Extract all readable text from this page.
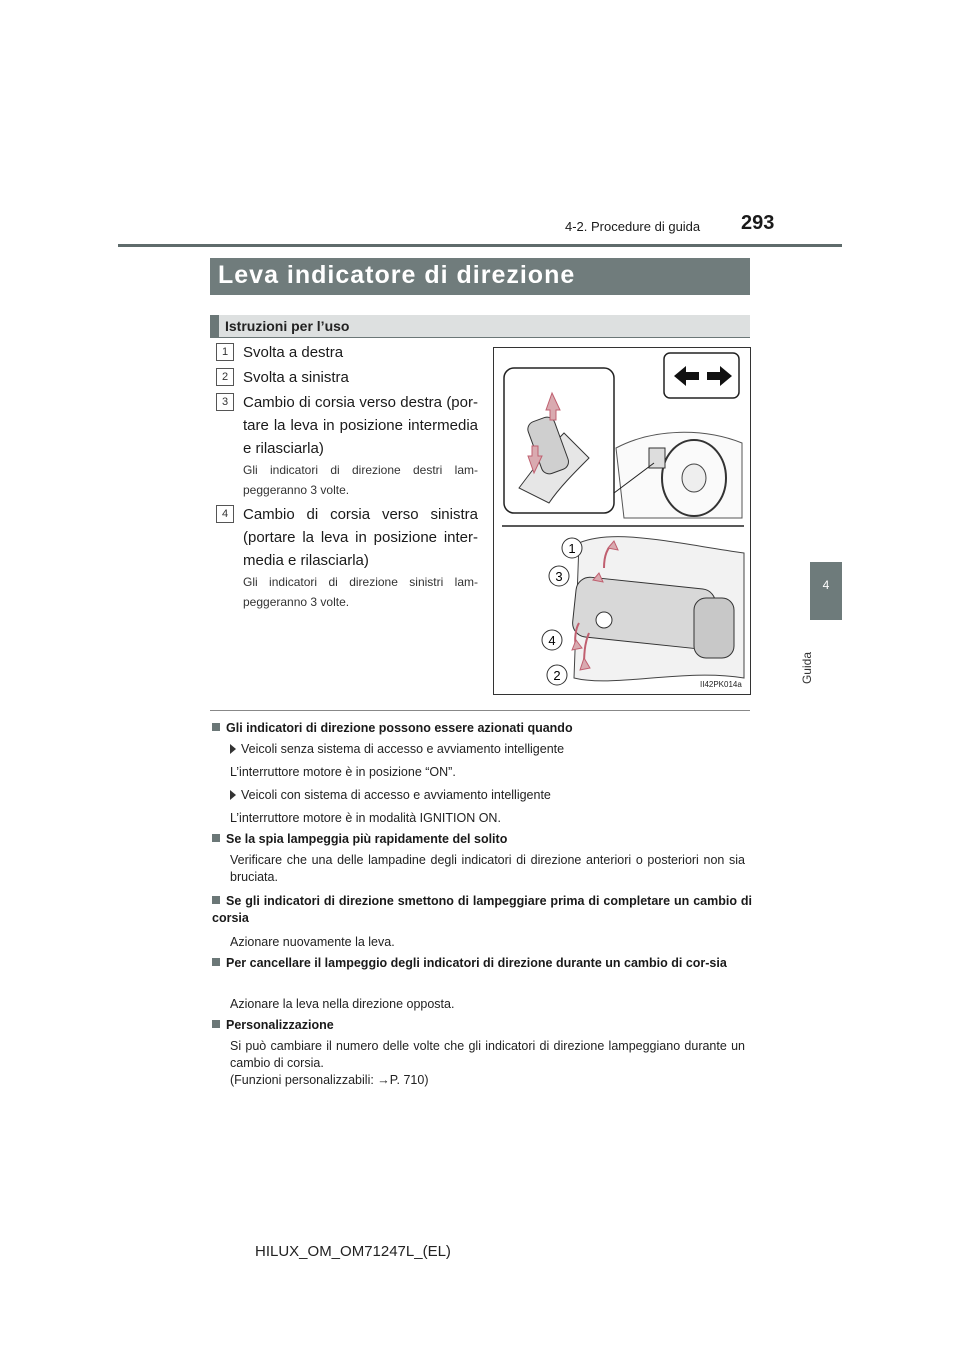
4-2. Procedure di guida 293
4
Guida
Leva indicatore di direzione
Istruzioni per l’uso
1 Svolta a destra
2 Svolta a sinistra
3 Cambio di corsia verso destra (por-tare la leva in posizione intermedia e rilasciarla)
Gli indicatori di direzione destri lam-peggeranno 3 volte.
4 Cambio di corsia verso sinistra (portare la leva in posizione inter-media e rilasciarla)
Gli indicatori di direzione sinistri lam-peggeranno 3 volte.
1
3
4
2
II42PK014a
Gli indicatori di direzione possono essere azionati quando
Veicoli senza sistema di accesso e avviamento intelligente
L’interruttore motore è in posizione “ON”.
Veicoli con sistema di accesso e avviamento intelligente
L’interruttore motore è in modalità IGNITION ON.
Se la spia lampeggia più rapidamente del solito
Verificare che una delle lampadine degli indicatori di direzione anteriori o posteriori non sia bruciata.
Se gli indicatori di direzione smettono di lampeggiare prima di completare un cambio di corsia
Azionare nuovamente la leva.
Per cancellare il lampeggio degli indicatori di direzione durante un cambio di cor-sia
Azionare la leva nella direzione opposta.
Personalizzazione
Si può cambiare il numero delle volte che gli indicatori di direzione lampeggiano durante un cambio di corsia.
(Funzioni personalizzabili: →P. 710)
HILUX_OM_OM71247L_(EL)
